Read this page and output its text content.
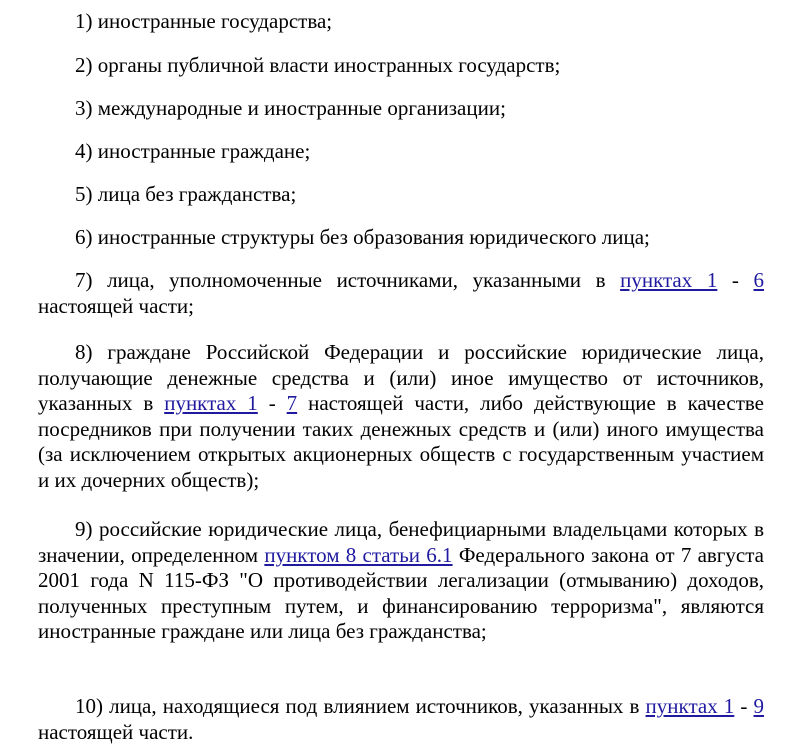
1) иностранные государства;

2) органы публичной власти иностранных государств;

3) международные и иностранные организации;

4) иностранные граждане;

5) лица без гражданства;

6) иностранные структуры без образования юридического лица;

7) лица, уполномоченные источниками, указанными в пунктах 1 - 6 настоящей части;

8) граждане Российской Федерации и российские юридические лица, получающие денежные средства и (или) иное имущество от источников, указанных в пунктах 1 - 7 настоящей части, либо действующие в качестве посредников при получении таких денежных средств и (или) иного имущества (за исключением открытых акционерных обществ с государственным участием и их дочерних обществ);

9) российские юридические лица, бенефициарными владельцами которых в значении, определенном пунктом 8 статьи 6.1 Федерального закона от 7 августа 2001 года N 115-ФЗ "О противодействии легализации (отмыванию) доходов, полученных преступным путем, и финансированию терроризма", являются иностранные граждане или лица без гражданства;

10) лица, находящиеся под влиянием источников, указанных в пунктах 1 - 9 настоящей части.
